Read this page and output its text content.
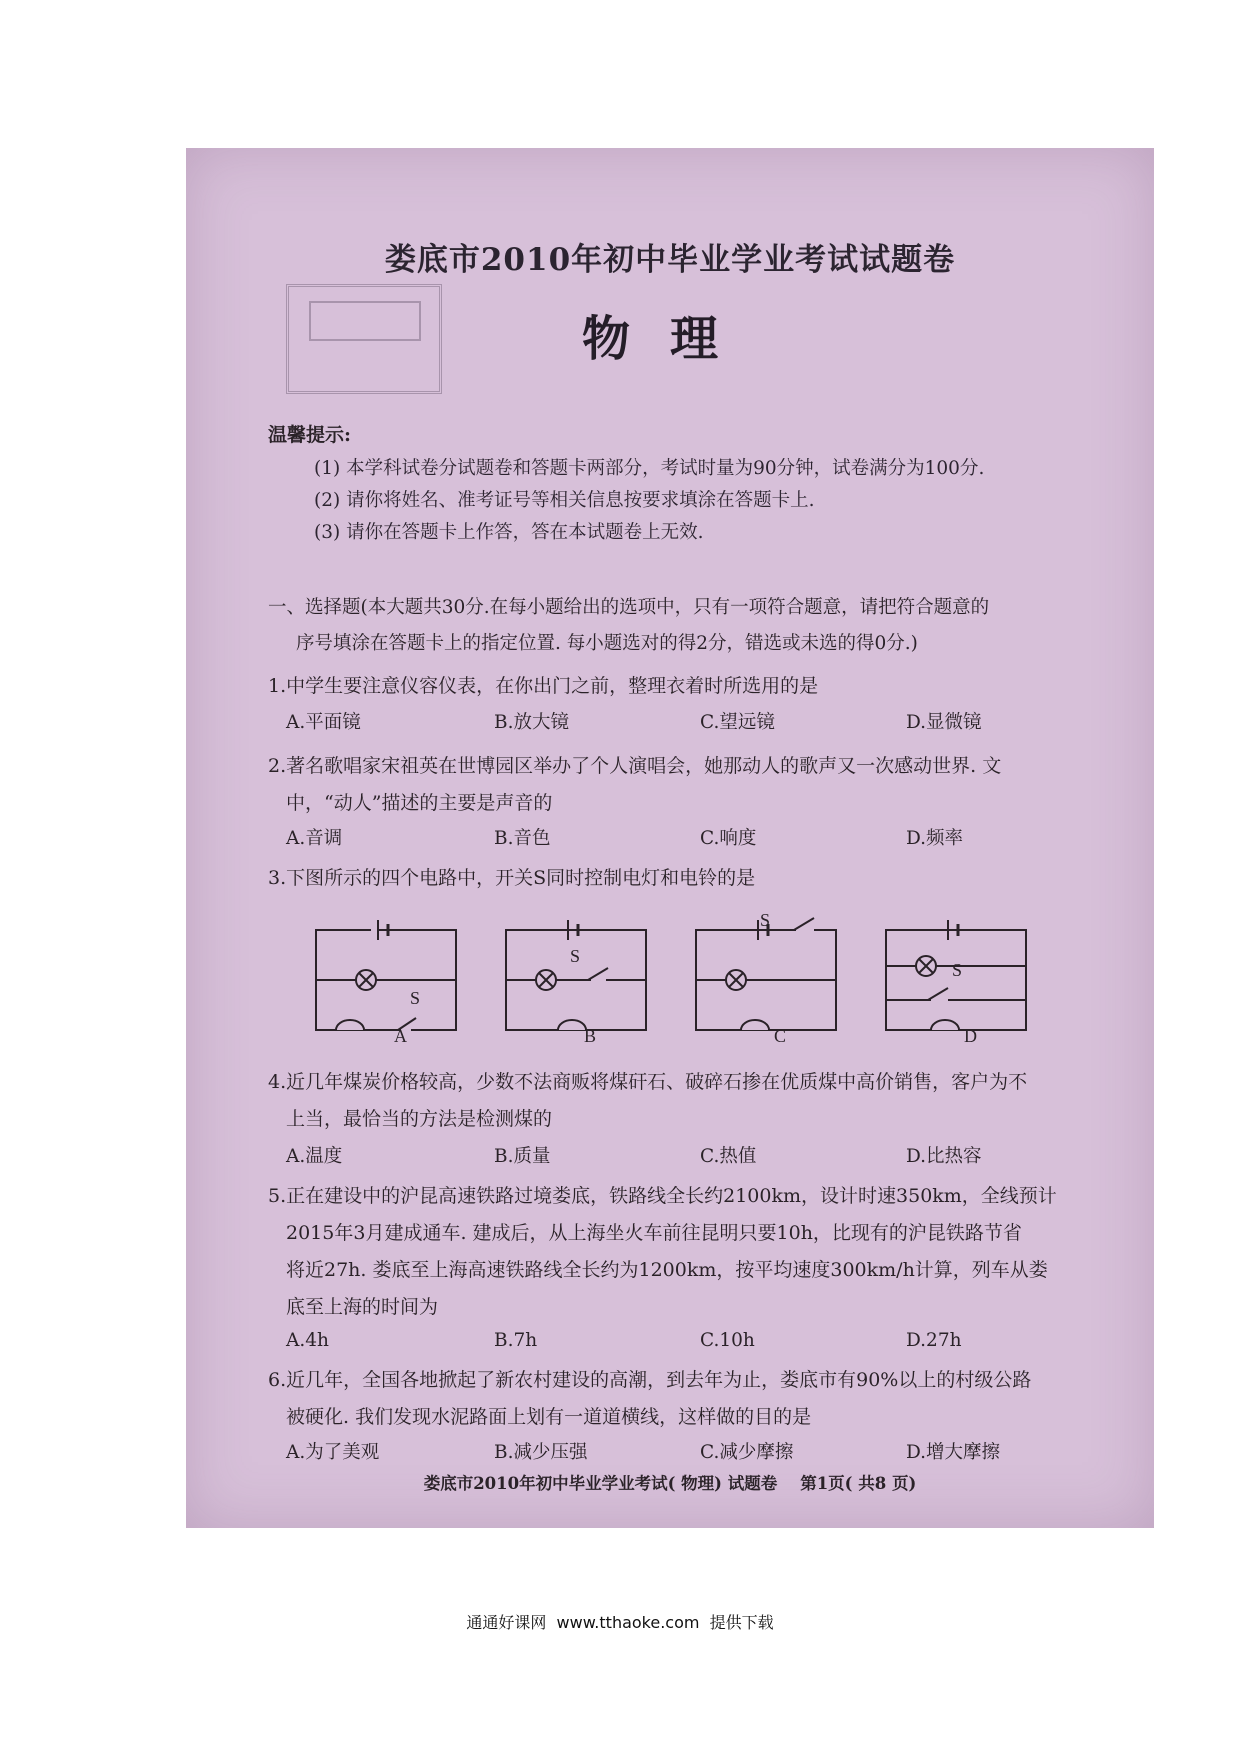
娄底市2010年初中毕业学业考试试题卷
物理
温馨提示:
(1) 本学科试卷分试题卷和答题卡两部分，考试时量为90分钟，试卷满分为100分.
(2) 请你将姓名、准考证号等相关信息按要求填涂在答题卡上.
(3) 请你在答题卡上作答，答在本试题卷上无效.
一、选择题(本大题共30分.在每小题给出的选项中，只有一项符合题意，请把符合题意的
序号填涂在答题卡上的指定位置. 每小题选对的得2分，错选或未选的得0分.)
1.中学生要注意仪容仪表，在你出门之前，整理衣着时所选用的是
A.平面镜	B.放大镜	C.望远镜	D.显微镜
2.著名歌唱家宋祖英在世博园区举办了个人演唱会，她那动人的歌声又一次感动世界. 文
中，“动人”描述的主要是声音的
A.音调	B.音色	C.响度	D.频率
3.下图所示的四个电路中，开关S同时控制电灯和电铃的是
A	B	C	D
S
S
S
S
4.近几年煤炭价格较高，少数不法商贩将煤矸石、破碎石掺在优质煤中高价销售，客户为不
上当，最恰当的方法是检测煤的
A.温度	B.质量	C.热值	D.比热容
5.正在建设中的沪昆高速铁路过境娄底，铁路线全长约2100km，设计时速350km，全线预计
2015年3月建成通车. 建成后，从上海坐火车前往昆明只要10h，比现有的沪昆铁路节省
将近27h. 娄底至上海高速铁路线全长约为1200km，按平均速度300km/h计算，列车从娄
底至上海的时间为
A.4h	B.7h	C.10h	D.27h
6.近几年，全国各地掀起了新农村建设的高潮，到去年为止，娄底市有90%以上的村级公路
被硬化. 我们发现水泥路面上划有一道道横线，这样做的目的是
A.为了美观	B.减少压强	C.减少摩擦	D.增大摩擦
娄底市2010年初中毕业学业考试( 物理) 试题卷    第1页( 共8 页)
通通好课网  www.tthaoke.com  提供下载
